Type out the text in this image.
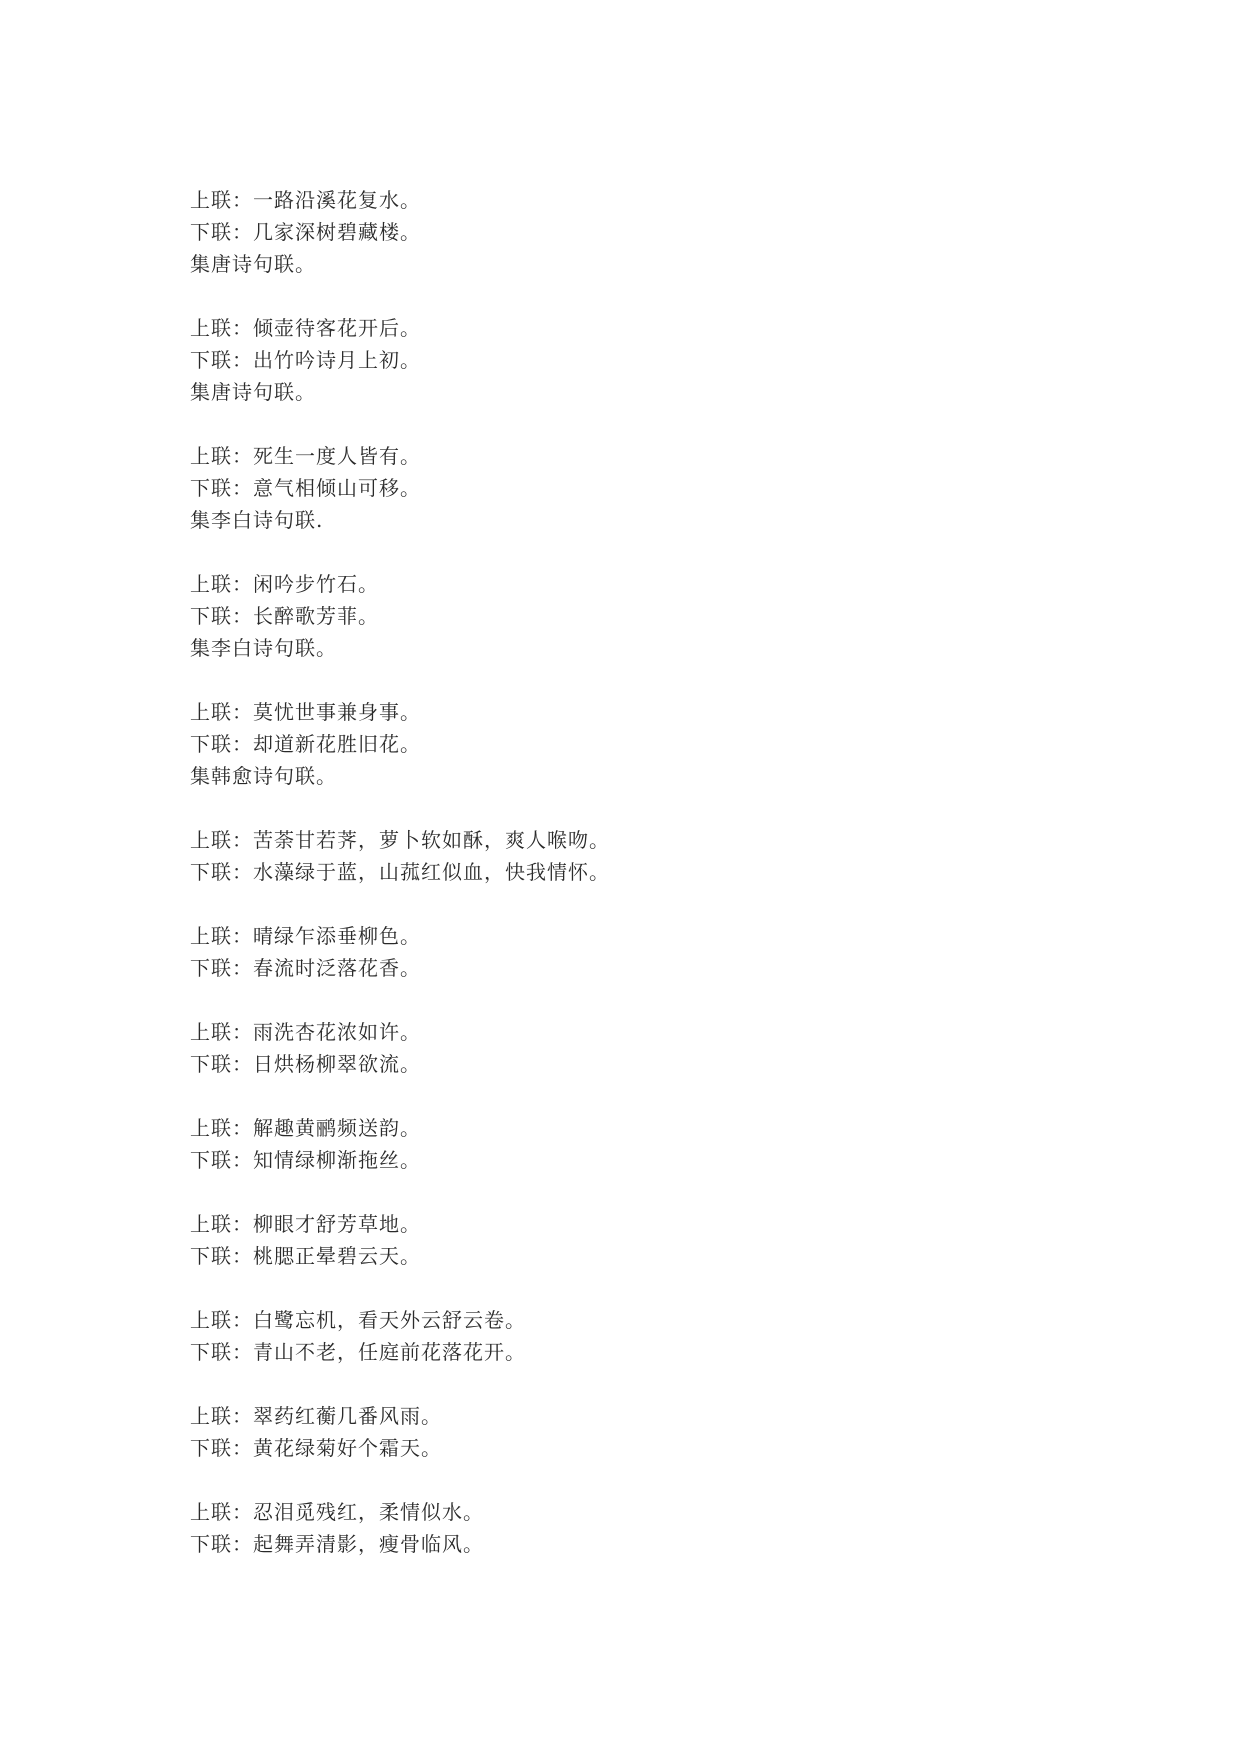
上联：一路沿溪花复水。
下联：几家深树碧藏楼。
集唐诗句联。
上联：倾壶待客花开后。
下联：出竹吟诗月上初。
集唐诗句联。
上联：死生一度人皆有。
下联：意气相倾山可移。
集李白诗句联.
上联：闲吟步竹石。
下联：长醉歌芳菲。
集李白诗句联。
上联：莫忧世事兼身事。
下联：却道新花胜旧花。
集韩愈诗句联。
上联：苦荼甘若荠，萝卜软如酥，爽人喉吻。
下联：水藻绿于蓝，山菰红似血，快我情怀。
上联：晴绿乍添垂柳色。
下联：春流时泛落花香。
上联：雨洗杏花浓如许。
下联：日烘杨柳翠欲流。
上联：解趣黄鹂频送韵。
下联：知情绿柳渐拖丝。
上联：柳眼才舒芳草地。
下联：桃腮正晕碧云天。
上联：白鹭忘机，看天外云舒云卷。
下联：青山不老，任庭前花落花开。
上联：翠药红蘅几番风雨。
下联：黄花绿菊好个霜天。
上联：忍泪觅残红，柔情似水。
下联：起舞弄清影，瘦骨临风。
